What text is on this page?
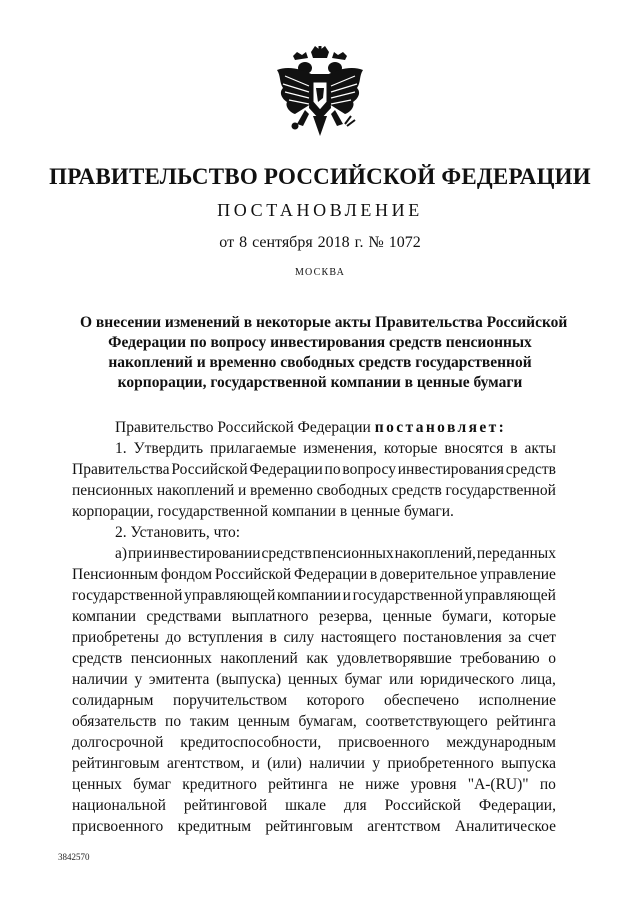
ПРАВИТЕЛЬСТВО РОССИЙСКОЙ ФЕДЕРАЦИИ
ПОСТАНОВЛЕНИЕ
от 8 сентября 2018 г. № 1072
МОСКВА
О внесении изменений в некоторые акты Правительства Российской
Федерации по вопросу инвестирования средств пенсионных
накоплений и временно свободных средств государственной
корпорации, государственной компании в ценные бумаги
Правительство Российской Федерации
постановляет:
1. Утвердить прилагаемые изменения, которые вносятся в акты
Правительства Российской Федерации по вопросу инвестирования средств
пенсионных накоплений и временно свободных средств государственной
корпорации, государственной компании в ценные бумаги.
2. Установить, что:
а) при инвестировании средств пенсионных накоплений, переданных
Пенсионным фондом Российской Федерации в доверительное управление
государственной управляющей компании и государственной управляющей
компании средствами выплатного резерва, ценные бумаги, которые
приобретены до вступления в силу настоящего постановления за счет
средств пенсионных накоплений как удовлетворявшие требованию о
наличии у эмитента (выпуска) ценных бумаг или юридического лица,
солидарным поручительством которого обеспечено исполнение
обязательств по таким ценным бумагам, соответствующего рейтинга
долгосрочной кредитоспособности, присвоенного международным
рейтинговым агентством, и (или) наличии у приобретенного выпуска
ценных бумаг кредитного рейтинга не ниже уровня "A-(RU)" по
национальной рейтинговой шкале для Российской Федерации,
присвоенного кредитным рейтинговым агентством Аналитическое
3842570
